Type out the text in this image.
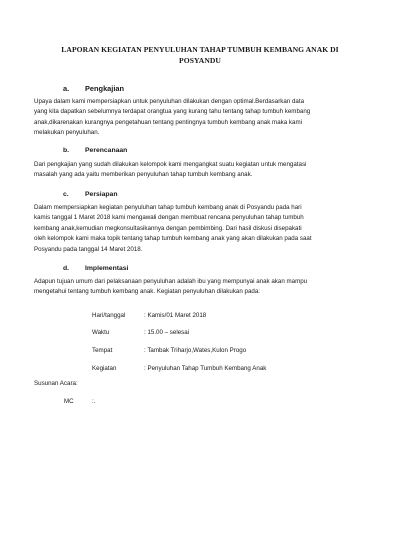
LAPORAN KEGIATAN PENYULUHAN TAHAP TUMBUH KEMBANG ANAK DI
POSYANDU
a. Pengkajian
Upaya dalam kami mempersiapkan untuk penyuluhan dilakukan dengan optimal.Berdasarkan data
yang kita dapatkan sebelumnya terdapat orangtua yang kurang tahu tentang tahap tumbuh kembang
anak,dikarenakan kurangnya pengetahuan tentang pentingnya tumbuh kembang anak maka kami
melakukan penyuluhan.
b. Perencanaan
Dari pengkajian yang sudah dilakukan kelompok kami mengangkat suatu kegiatan untuk mengatasi
masalah yang ada yaitu memberikan penyuluhan tahap tumbuh kembang anak.
c. Persiapan
Dalam mempersiapkan kegiatan penyuluhan tahap tumbuh kembang anak di Posyandu pada hari
kamis tanggal 1 Maret 2018 kami mengawali dengan membuat rencana penyuluhan tahap tumbuh
kembang anak,kemudian megkonsultasikannya dengan pembimbing. Dari hasil diskusi disepakati
oleh kelompok kami maka topik tentang tahap tumbuh kembang anak yang akan dilakukan pada saat
Posyandu pada tanggal 14 Maret 2018.
d. Implementasi
Adapun tujuan umum dari pelaksanaan penyuluhan adalah ibu yang mempunyai anak akan mampu
mengetahui tentang tumbuh kembang anak. Kegiatan penyuluhan dilakukan pada:
Hari/tanggal	: Kamis/01 Maret 2018
Waktu	: 15.00 – selesai
Tempat	: Tambak Triharjo,Wates,Kulon Progo
Kegiatan	: Penyuluhan Tahap Tumbuh Kembang Anak
Susunan Acara:
MC	:.
